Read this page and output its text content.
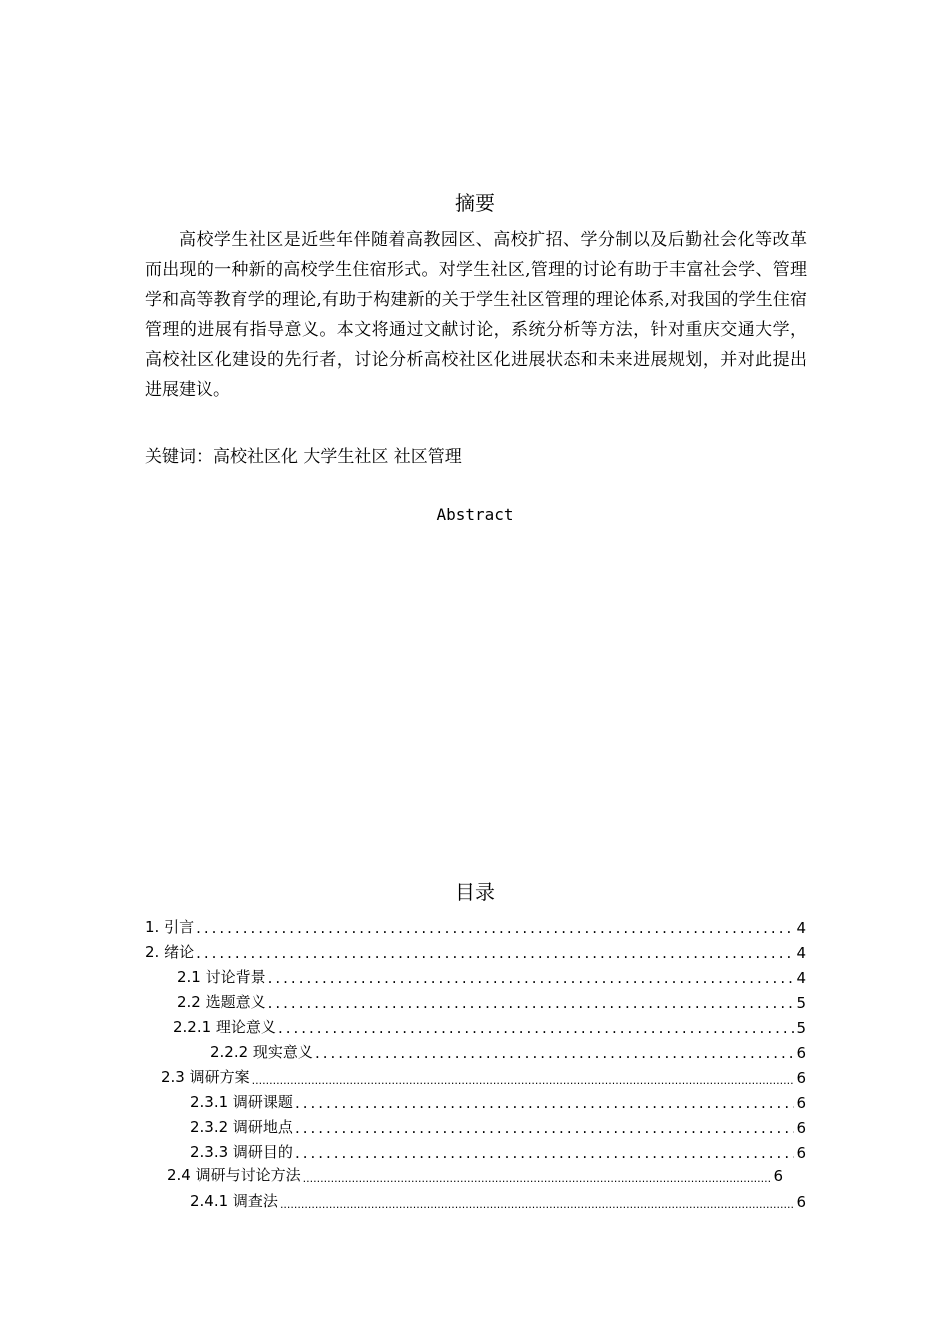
摘要
高校学生社区是近些年伴随着高教园区、高校扩招、学分制以及后勤社会化等改革而出现的一种新的高校学生住宿形式。对学生社区,管理的讨论有助于丰富社会学、管理学和高等教育学的理论,有助于构建新的关于学生社区管理的理论体系,对我国的学生住宿管理的进展有指导意义。本文将通过文献讨论，系统分析等方法，针对重庆交通大学，高校社区化建设的先行者，讨论分析高校社区化进展状态和未来进展规划，并对此提出进展建议。
关键词：高校社区化 大学生社区 社区管理
Abstract
目录
1. 引言 .....	4
2. 绪论 .....	4
2.1 讨论背景 .....	4
2.2 选题意义 .....	5
2.2.1 理论意义 .....	5
2.2.2 现实意义 .....	6
2.3 调研方案 .....	6
2.3.1 调研课题 .....	6
2.3.2 调研地点 .....	6
2.3.3 调研目的 .....	6
2.4 调研与讨论方法 .....	6
2.4.1 调查法 .....	6
